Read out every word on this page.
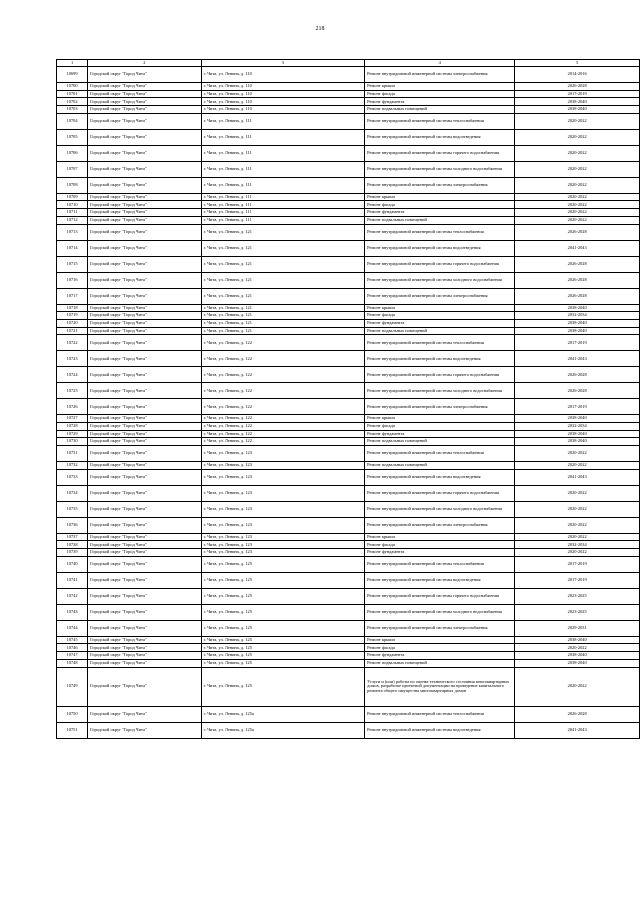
218
1	2	3	4	5
10699	Городской округ "Город Чита"	г. Чита, ул. Ленина, д. 110	Ремонт внутридомовой инженерной системы электроснабжения	2014-2016
10700	Городской округ "Город Чита"	г. Чита, ул. Ленина, д. 110	Ремонт крыши	2026-2028
10701	Городской округ "Город Чита"	г. Чита, ул. Ленина, д. 110	Ремонт фасада	2017-2019
10702	Городской округ "Город Чита"	г. Чита, ул. Ленина, д. 110	Ремонт фундамента	2038-2040
10703	Городской округ "Город Чита"	г. Чита, ул. Ленина, д. 110	Ремонт подвальных помещений	2038-2040
10704	Городской округ "Город Чита"	г. Чита, ул. Ленина, д. 111	Ремонт внутридомовой инженерной системы теплоснабжения	2020-2022
10705	Городской округ "Город Чита"	г. Чита, ул. Ленина, д. 111	Ремонт внутридомовой инженерной системы водоотведения	2020-2022
10706	Городской округ "Город Чита"	г. Чита, ул. Ленина, д. 111	Ремонт внутридомовой инженерной системы горячего водоснабжения	2020-2022
10707	Городской округ "Город Чита"	г. Чита, ул. Ленина, д. 111	Ремонт внутридомовой инженерной системы холодного водоснабжения	2020-2022
10708	Городской округ "Город Чита"	г. Чита, ул. Ленина, д. 111	Ремонт внутридомовой инженерной системы электроснабжения	2020-2022
10709	Городской округ "Город Чита"	г. Чита, ул. Ленина, д. 111	Ремонт крыши	2020-2022
10710	Городской округ "Город Чита"	г. Чита, ул. Ленина, д. 111	Ремонт фасада	2020-2022
10711	Городской округ "Город Чита"	г. Чита, ул. Ленина, д. 111	Ремонт фундамента	2020-2022
10712	Городской округ "Город Чита"	г. Чита, ул. Ленина, д. 111	Ремонт подвальных помещений	2020-2022
10713	Городской округ "Город Чита"	г. Чита, ул. Ленина, д. 121	Ремонт внутридомовой инженерной системы теплоснабжения	2026-2028
10714	Городской округ "Город Чита"	г. Чита, ул. Ленина, д. 121	Ремонт внутридомовой инженерной системы водоотведения	2041-2043
10715	Городской округ "Город Чита"	г. Чита, ул. Ленина, д. 121	Ремонт внутридомовой инженерной системы горячего водоснабжения	2026-2028
10716	Городской округ "Город Чита"	г. Чита, ул. Ленина, д. 121	Ремонт внутридомовой инженерной системы холодного водоснабжения	2026-2028
10717	Городской округ "Город Чита"	г. Чита, ул. Ленина, д. 121	Ремонт внутридомовой инженерной системы электроснабжения	2026-2028
10718	Городской округ "Город Чита"	г. Чита, ул. Ленина, д. 121	Ремонт крыши	2038-2040
10719	Городской округ "Город Чита"	г. Чита, ул. Ленина, д. 121	Ремонт фасада	2032-2034
10720	Городской округ "Город Чита"	г. Чита, ул. Ленина, д. 121	Ремонт фундамента	2038-2040
10721	Городской округ "Город Чита"	г. Чита, ул. Ленина, д. 121	Ремонт подвальных помещений	2038-2040
10722	Городской округ "Город Чита"	г. Чита, ул. Ленина, д. 122	Ремонт внутридомовой инженерной системы теплоснабжения	2017-2019
10723	Городской округ "Город Чита"	г. Чита, ул. Ленина, д. 122	Ремонт внутридомовой инженерной системы водоотведения	2041-2043
10724	Городской округ "Город Чита"	г. Чита, ул. Ленина, д. 122	Ремонт внутридомовой инженерной системы горячего водоснабжения	2026-2028
10725	Городской округ "Город Чита"	г. Чита, ул. Ленина, д. 122	Ремонт внутридомовой инженерной системы холодного водоснабжения	2026-2028
10726	Городской округ "Город Чита"	г. Чита, ул. Ленина, д. 122	Ремонт внутридомовой инженерной системы электроснабжения	2017-2019
10727	Городской округ "Город Чита"	г. Чита, ул. Ленина, д. 122	Ремонт крыши	2038-2040
10728	Городской округ "Город Чита"	г. Чита, ул. Ленина, д. 122	Ремонт фасада	2032-2034
10729	Городской округ "Город Чита"	г. Чита, ул. Ленина, д. 122	Ремонт фундамента	2038-2040
10730	Городской округ "Город Чита"	г. Чита, ул. Ленина, д. 122	Ремонт подвальных помещений	2038-2040
10731	Городской округ "Город Чита"	г. Чита, ул. Ленина, д. 123	Ремонт внутридомовой инженерной системы теплоснабжения	2020-2022
10732	Городской округ "Город Чита"	г. Чита, ул. Ленина, д. 123	Ремонт подвальных помещений	2020-2022
10733	Городской округ "Город Чита"	г. Чита, ул. Ленина, д. 123	Ремонт внутридомовой инженерной системы водоотведения	2041-2043
10734	Городской округ "Город Чита"	г. Чита, ул. Ленина, д. 123	Ремонт внутридомовой инженерной системы горячего водоснабжения	2020-2022
10735	Городской округ "Город Чита"	г. Чита, ул. Ленина, д. 123	Ремонт внутридомовой инженерной системы холодного водоснабжения	2020-2022
10736	Городской округ "Город Чита"	г. Чита, ул. Ленина, д. 123	Ремонт внутридомовой инженерной системы электроснабжения	2020-2022
10737	Городской округ "Город Чита"	г. Чита, ул. Ленина, д. 123	Ремонт крыши	2020-2022
10738	Городской округ "Город Чита"	г. Чита, ул. Ленина, д. 123	Ремонт фасада	2032-2034
10739	Городской округ "Город Чита"	г. Чита, ул. Ленина, д. 123	Ремонт фундамента	2020-2022
10740	Городской округ "Город Чита"	г. Чита, ул. Ленина, д. 125	Ремонт внутридомовой инженерной системы теплоснабжения	2017-2019
10741	Городской округ "Город Чита"	г. Чита, ул. Ленина, д. 125	Ремонт внутридомовой инженерной системы водоотведения	2017-2019
10742	Городской округ "Город Чита"	г. Чита, ул. Ленина, д. 125	Ремонт внутридомовой инженерной системы горячего водоснабжения	2023-2025
10743	Городской округ "Город Чита"	г. Чита, ул. Ленина, д. 125	Ремонт внутридомовой инженерной системы холодного водоснабжения	2023-2025
10744	Городской округ "Город Чита"	г. Чита, ул. Ленина, д. 125	Ремонт внутридомовой инженерной системы электроснабжения	2029-2031
10745	Городской округ "Город Чита"	г. Чита, ул. Ленина, д. 125	Ремонт крыши	2038-2040
10746	Городской округ "Город Чита"	г. Чита, ул. Ленина, д. 125	Ремонт фасада	2020-2022
10747	Городской округ "Город Чита"	г. Чита, ул. Ленина, д. 125	Ремонт фундамента	2038-2040
10748	Городской округ "Город Чита"	г. Чита, ул. Ленина, д. 125	Ремонт подвальных помещений	2038-2040
10749	Городской округ "Город Чита"	г. Чита, ул. Ленина, д. 125	Услуги и (или) работы по оценке технического состояния многоквартирных домов, разработке проектной документации на проведение капитального ремонта общего имущества многоквартирных домов	2020-2022
10750	Городской округ "Город Чита"	г. Чита, ул. Ленина, д. 125а	Ремонт внутридомовой инженерной системы теплоснабжения	2026-2028
10751	Городской округ "Город Чита"	г. Чита, ул. Ленина, д. 125а	Ремонт внутридомовой инженерной системы водоотведения	2041-2043
